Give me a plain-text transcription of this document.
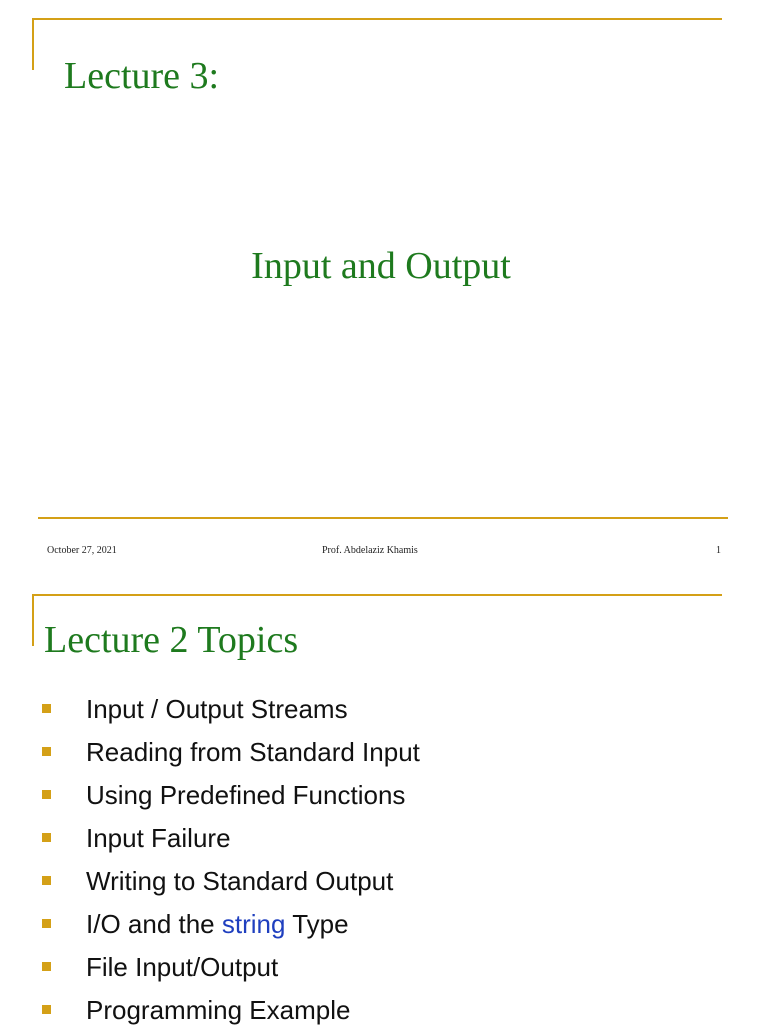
Lecture 3:
Input and Output
October 27, 2021	Prof. Abdelaziz Khamis	1
Lecture 2 Topics
Input / Output Streams
Reading from Standard Input
Using Predefined Functions
Input Failure
Writing to Standard Output
I/O and the string Type
File Input/Output
Programming Example
